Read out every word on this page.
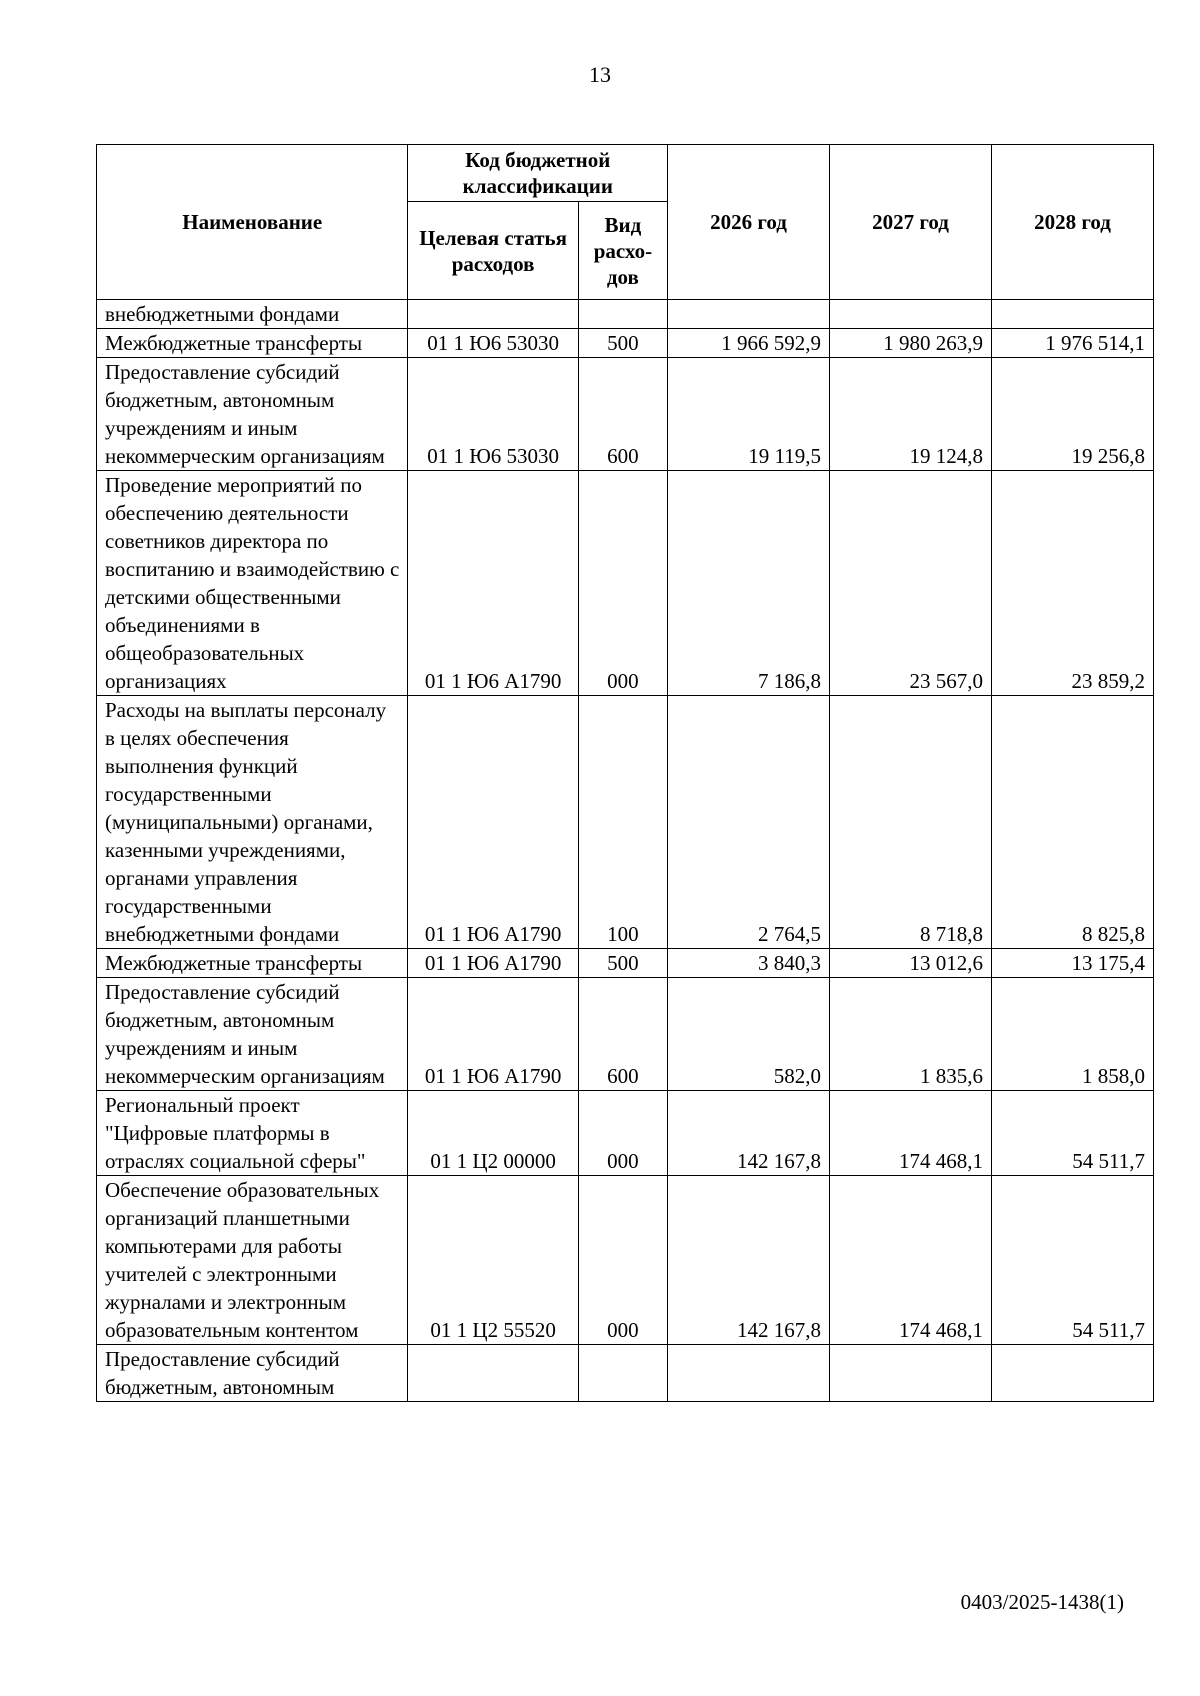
13
Наименование	Код бюджетной классификации		2026 год	2027 год	2028 год
	Целевая статья расходов	Вид расхо-дов			
внебюджетными фондами					
Межбюджетные трансферты	01 1 Ю6 53030	500	1 966 592,9	1 980 263,9	1 976 514,1
Предоставление субсидий бюджетным, автономным учреждениям и иным некоммерческим организациям	01 1 Ю6 53030	600	19 119,5	19 124,8	19 256,8
Проведение мероприятий по обеспечению деятельности советников директора по воспитанию и взаимодействию с детскими общественными объединениями в общеобразовательных организациях	01 1 Ю6 А1790	000	7 186,8	23 567,0	23 859,2
Расходы на выплаты персоналу в целях обеспечения выполнения функций государственными (муниципальными) органами, казенными учреждениями, органами управления государственными внебюджетными фондами	01 1 Ю6 А1790	100	2 764,5	8 718,8	8 825,8
Межбюджетные трансферты	01 1 Ю6 А1790	500	3 840,3	13 012,6	13 175,4
Предоставление субсидий бюджетным, автономным учреждениям и иным некоммерческим организациям	01 1 Ю6 А1790	600	582,0	1 835,6	1 858,0
Региональный проект "Цифровые платформы в отраслях социальной сферы"	01 1 Ц2 00000	000	142 167,8	174 468,1	54 511,7
Обеспечение образовательных организаций планшетными компьютерами для работы учителей с электронными журналами и электронным образовательным контентом	01 1 Ц2 55520	000	142 167,8	174 468,1	54 511,7
Предоставление субсидий бюджетным, автономным					
0403/2025-1438(1)
